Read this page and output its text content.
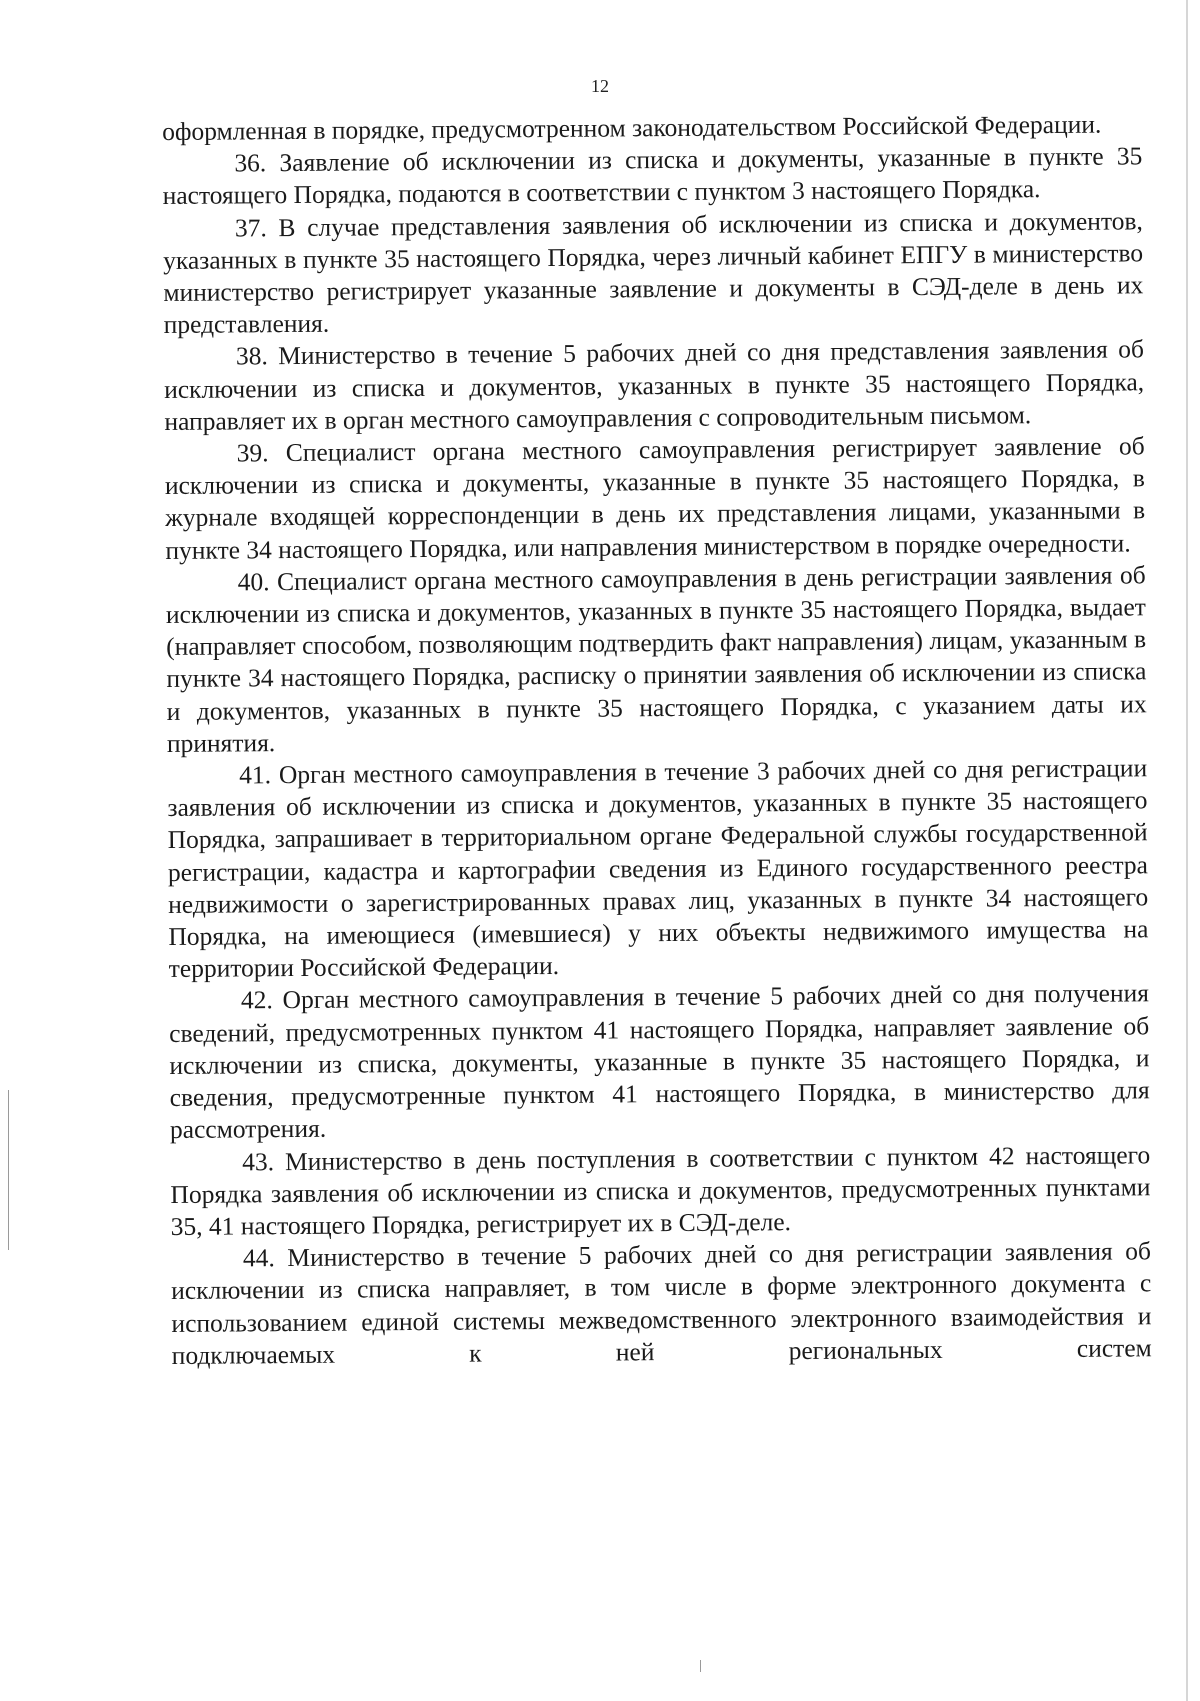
12

оформленная в порядке, предусмотренном законодательством Российской Федерации.

36. Заявление об исключении из списка и документы, указанные в пункте 35 настоящего Порядка, подаются в соответствии с пунктом 3 настоящего Порядка.

37. В случае представления заявления об исключении из списка и документов, указанных в пункте 35 настоящего Порядка, через личный кабинет ЕПГУ в министерство министерство регистрирует указанные заявление и документы в СЭД-деле в день их представления.

38. Министерство в течение 5 рабочих дней со дня представления заявления об исключении из списка и документов, указанных в пункте 35 настоящего Порядка, направляет их в орган местного самоуправления с сопроводительным письмом.

39. Специалист органа местного самоуправления регистрирует заявление об исключении из списка и документы, указанные в пункте 35 настоящего Порядка, в журнале входящей корреспонденции в день их представления лицами, указанными в пункте 34 настоящего Порядка, или направления министерством в порядке очередности.

40. Специалист органа местного самоуправления в день регистрации заявления об исключении из списка и документов, указанных в пункте 35 настоящего Порядка, выдает (направляет способом, позволяющим подтвердить факт направления) лицам, указанным в пункте 34 настоящего Порядка, расписку о принятии заявления об исключении из списка и документов, указанных в пункте 35 настоящего Порядка, с указанием даты их принятия.

41. Орган местного самоуправления в течение 3 рабочих дней со дня регистрации заявления об исключении из списка и документов, указанных в пункте 35 настоящего Порядка, запрашивает в территориальном органе Федеральной службы государственной регистрации, кадастра и картографии сведения из Единого государственного реестра недвижимости о зарегистрированных правах лиц, указанных в пункте 34 настоящего Порядка, на имеющиеся (имевшиеся) у них объекты недвижимого имущества на территории Российской Федерации.

42. Орган местного самоуправления в течение 5 рабочих дней со дня получения сведений, предусмотренных пунктом 41 настоящего Порядка, направляет заявление об исключении из списка, документы, указанные в пункте 35 настоящего Порядка, и сведения, предусмотренные пунктом 41 настоящего Порядка, в министерство для рассмотрения.

43. Министерство в день поступления в соответствии с пунктом 42 настоящего Порядка заявления об исключении из списка и документов, предусмотренных пунктами 35, 41 настоящего Порядка, регистрирует их в СЭД-деле.

44. Министерство в течение 5 рабочих дней со дня регистрации заявления об исключении из списка направляет, в том числе в форме электронного документа с использованием единой системы межведомственного электронного взаимодействия и подключаемых к ней региональных систем
